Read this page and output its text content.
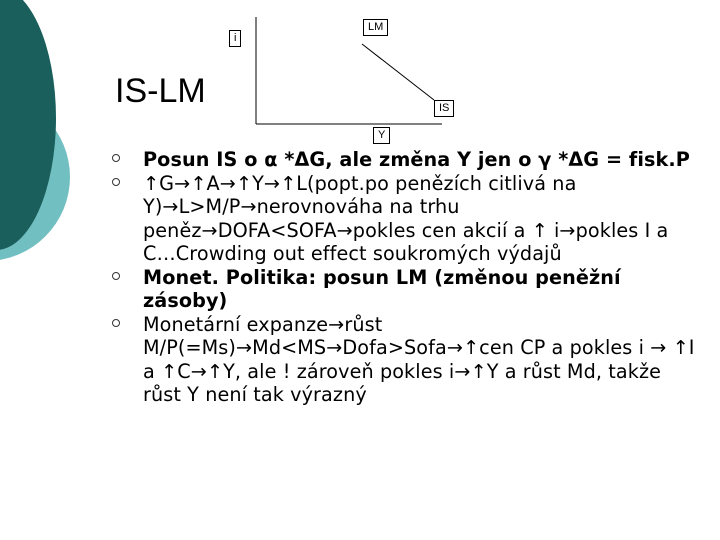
i
LM
IS
Y
IS-LM
Posun IS o α *ΔG, ale změna Y jen o γ *ΔG = fisk.P
↑G→↑A→↑Y→↑L(popt.po penězích citlivá na Y)→L>M/P→nerovnováha na trhu peněz→DOFA<SOFA→pokles cen akcií a ↑ i→pokles I a C…Crowding out effect soukromých výdajů
Monet. Politika: posun LM (změnou peněžní zásoby)
Monetární expanze→růst M/P(=Ms)→Md<MS→Dofa>Sofa→↑cen CP a pokles i → ↑I a ↑C→↑Y, ale ! zároveň pokles i→↑Y a růst Md, takže růst Y není tak výrazný
